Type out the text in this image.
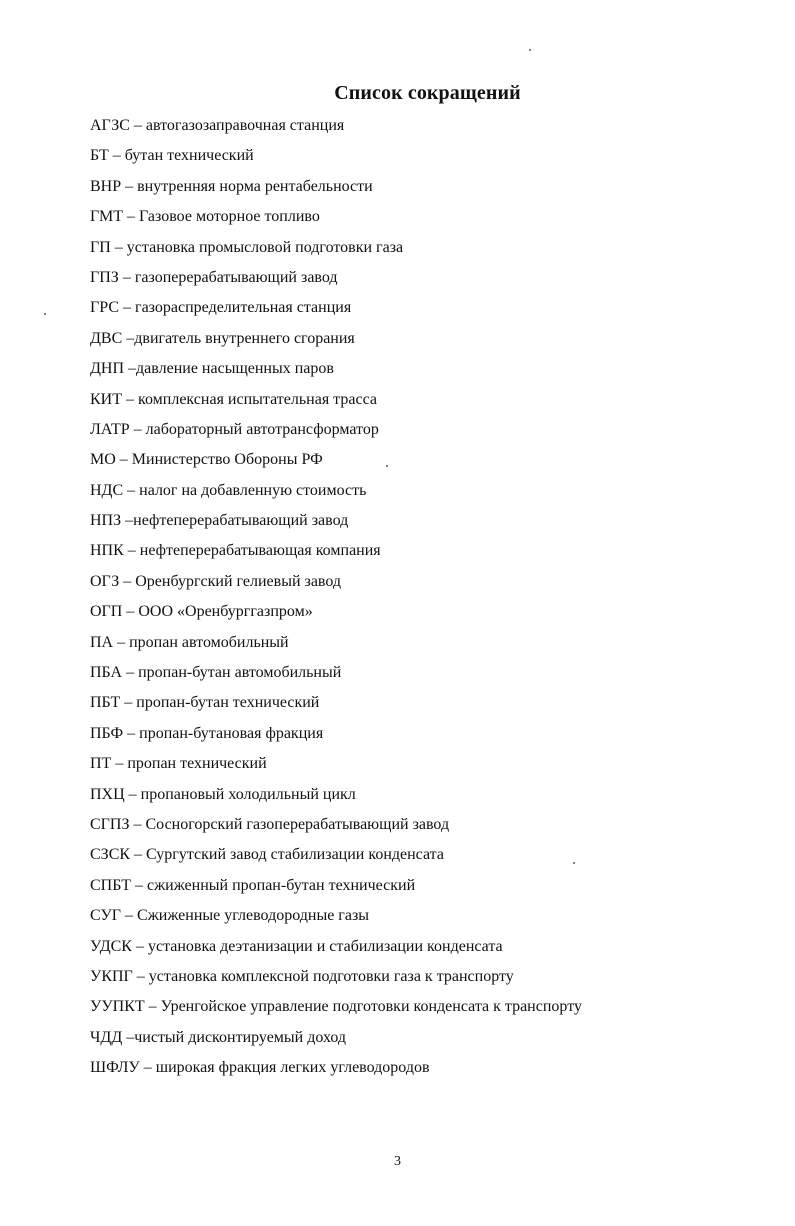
Список сокращений
АГЗС – автогазозаправочная станция
БТ – бутан технический
ВНР – внутренняя норма рентабельности
ГМТ – Газовое моторное топливо
ГП – установка промысловой подготовки газа
ГПЗ – газоперерабатывающий завод
ГРС – газораспределительная станция
ДВС –двигатель внутреннего сгорания
ДНП –давление насыщенных паров
КИТ – комплексная испытательная трасса
ЛАТР – лабораторный автотрансформатор
МО – Министерство Обороны РФ
НДС – налог на добавленную стоимость
НПЗ –нефтеперерабатывающий завод
НПК – нефтеперерабатывающая компания
ОГЗ – Оренбургский гелиевый завод
ОГП – ООО «Оренбурггазпром»
ПА – пропан автомобильный
ПБА – пропан-бутан автомобильный
ПБТ – пропан-бутан технический
ПБФ – пропан-бутановая фракция
ПТ – пропан технический
ПХЦ – пропановый холодильный цикл
СГПЗ – Сосногорский газоперерабатывающий завод
СЗСК – Сургутский завод стабилизации конденсата
СПБТ – сжиженный пропан-бутан технический
СУГ – Сжиженные углеводородные газы
УДСК – установка деэтанизации и стабилизации конденсата
УКПГ – установка комплексной подготовки газа к транспорту
УУПКТ – Уренгойское управление подготовки конденсата к транспорту
ЧДД –чистый дисконтируемый доход
ШФЛУ – широкая фракция легких углеводородов
3
